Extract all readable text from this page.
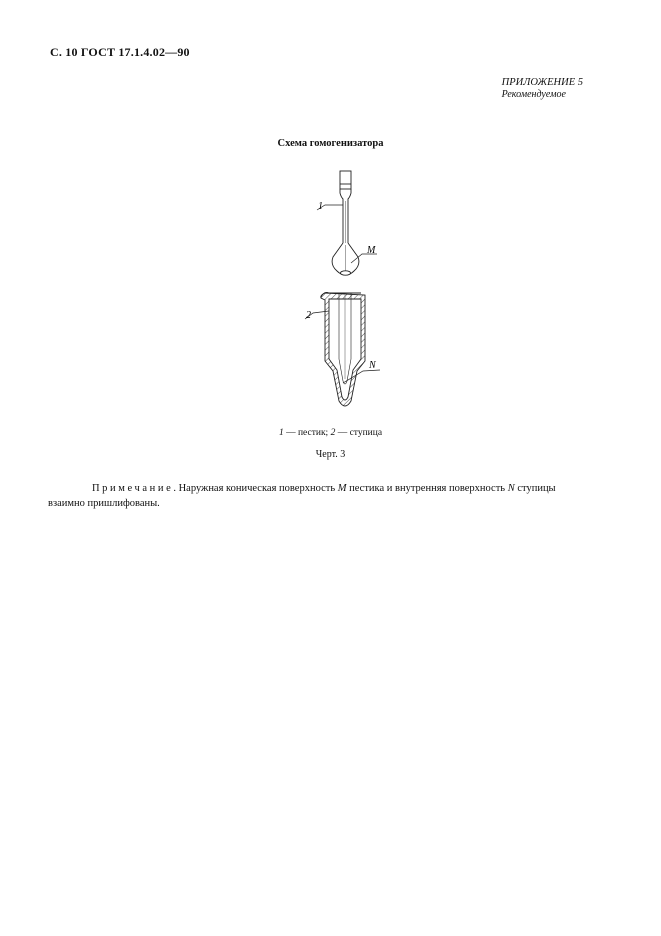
С. 10 ГОСТ 17.1.4.02—90
ПРИЛОЖЕНИЕ 5
Рекомендуемое
Схема гомогенизатора
1
M
2
N
1 — пестик; 2 — ступица
Черт. 3
Примечание. Наружная коническая поверхность M пестика и внутренняя поверхность N ступицы
взаимно пришлифованы.
